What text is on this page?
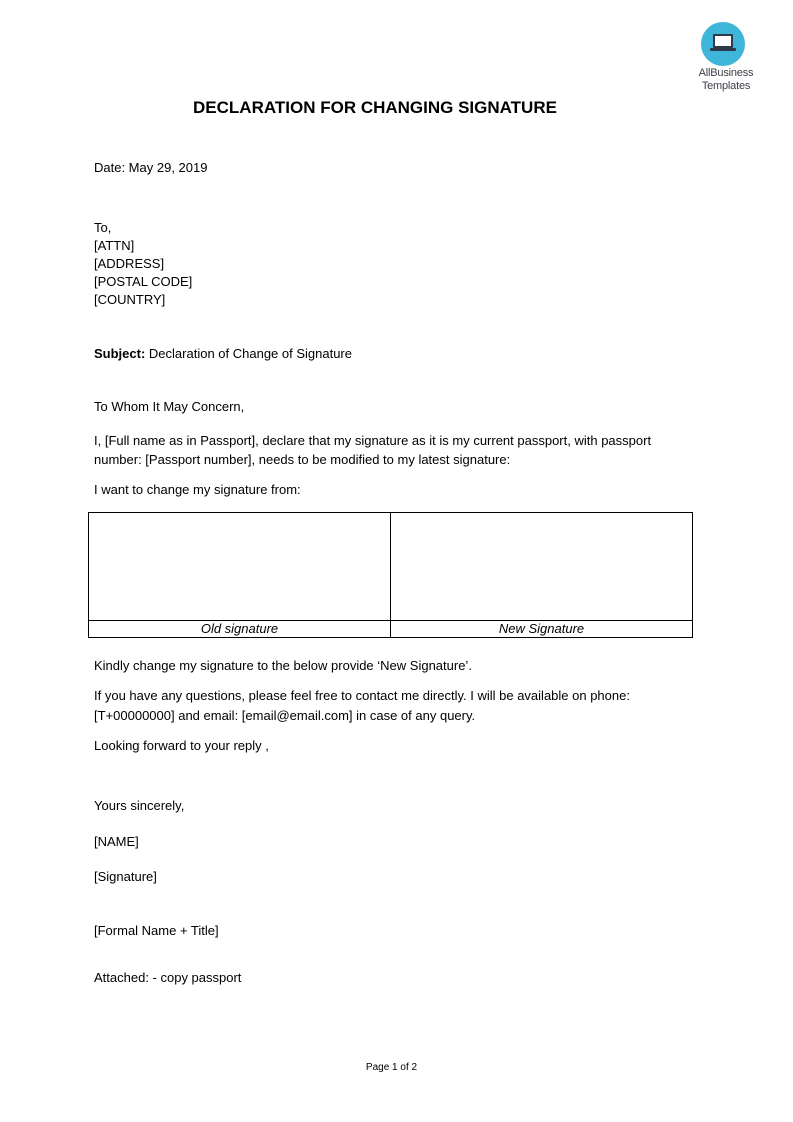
AllBusiness
Templates
DECLARATION FOR CHANGING SIGNATURE
Date: May 29, 2019
To,
[ATTN]
[ADDRESS]
[POSTAL CODE]
[COUNTRY]
Subject: Declaration of Change of Signature
To Whom It May Concern,
I, [Full name as in Passport], declare that my signature as it is my current passport, with passport
number: [Passport number], needs to be modified to my latest signature:
I want to change my signature from:

Old signature	New Signature
Kindly change my signature to the below provide ‘New Signature’.
If you have any questions, please feel free to contact me directly. I will be available on phone:
[T+00000000] and email: [email@email.com] in case of any query.
Looking forward to your reply ,
Yours sincerely,
[NAME]
[Signature]
[Formal Name + Title]
Attached: - copy passport
Page 1 of 2
